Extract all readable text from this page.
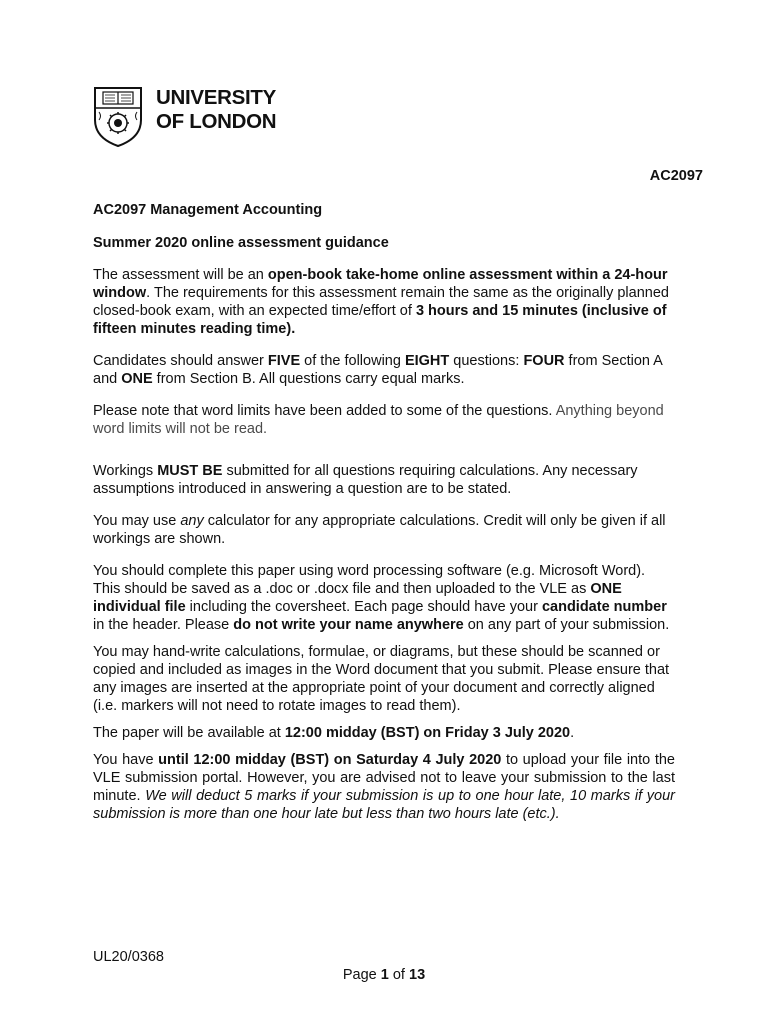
UNIVERSITY
OF LONDON
AC2097

AC2097 Management Accounting

Summer 2020 online assessment guidance

The assessment will be an open-book take-home online assessment within a 24-hour window. The requirements for this assessment remain the same as the originally planned closed-book exam, with an expected time/effort of 3 hours and 15 minutes (inclusive of fifteen minutes reading time).

Candidates should answer FIVE of the following EIGHT questions: FOUR from Section A and ONE from Section B. All questions carry equal marks.

Please note that word limits have been added to some of the questions. Anything beyond word limits will not be read.

Workings MUST BE submitted for all questions requiring calculations. Any necessary assumptions introduced in answering a question are to be stated.

You may use any calculator for any appropriate calculations. Credit will only be given if all workings are shown.

You should complete this paper using word processing software (e.g. Microsoft Word). This should be saved as a .doc or .docx file and then uploaded to the VLE as ONE individual file including the coversheet. Each page should have your candidate number in the header. Please do not write your name anywhere on any part of your submission.

You may hand-write calculations, formulae, or diagrams, but these should be scanned or copied and included as images in the Word document that you submit. Please ensure that any images are inserted at the appropriate point of your document and correctly aligned (i.e. markers will not need to rotate images to read them).

The paper will be available at 12:00 midday (BST) on Friday 3 July 2020.

You have until 12:00 midday (BST) on Saturday 4 July 2020 to upload your file into the VLE submission portal. However, you are advised not to leave your submission to the last minute. We will deduct 5 marks if your submission is up to one hour late, 10 marks if your submission is more than one hour late but less than two hours late (etc.).

UL20/0368
Page 1 of 13
